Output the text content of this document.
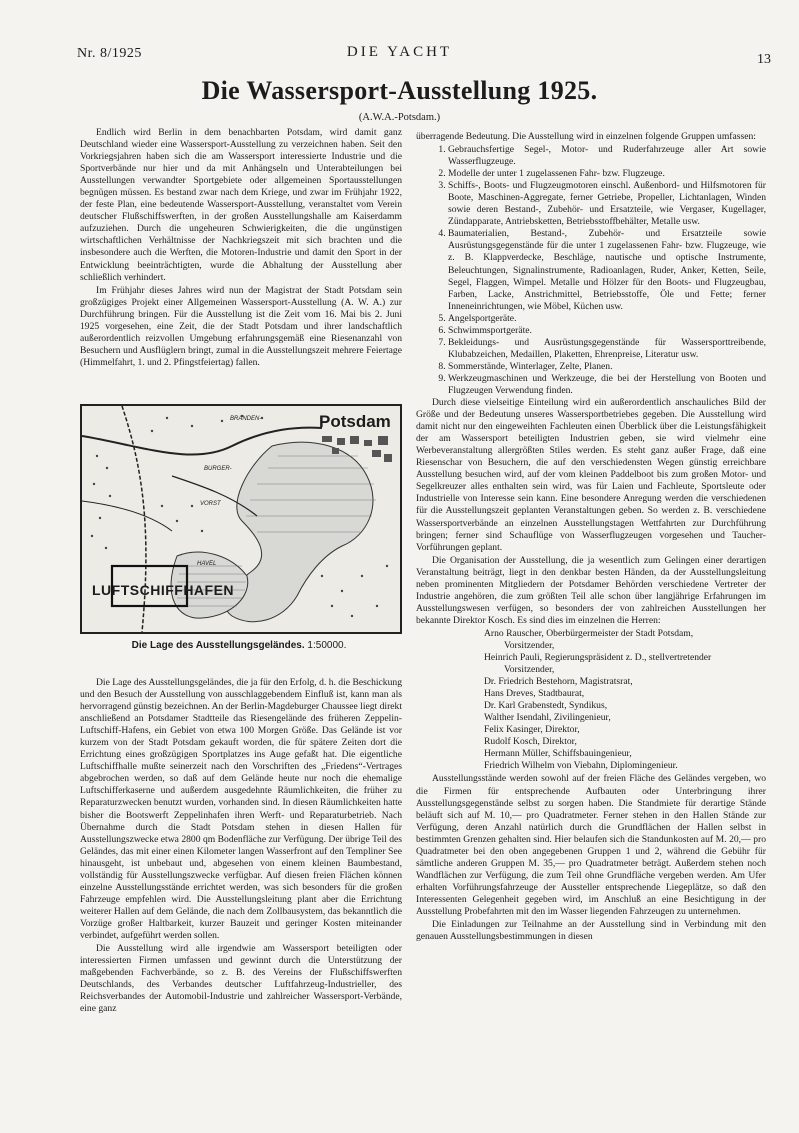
Nr. 8/1925	DIE YACHT	13
Die Wassersport-Ausstellung 1925.
(A.W.A.-Potsdam.)

Endlich wird Berlin in dem benachbarten Potsdam, wird damit ganz Deutschland wieder eine Wassersport-Ausstellung zu verzeichnen haben. Seit den Vorkriegsjahren haben sich die am Wassersport interessierte Industrie und die Sportverbände nur hier und da mit Anhängseln und Unterabteilungen bei Ausstellungen verwandter Sportgebiete oder allgemeinen Sportausstellungen begnügen müssen. Es bestand zwar nach dem Kriege, und zwar im Frühjahr 1922, der feste Plan, eine bedeutende Wassersport-Ausstellung, veranstaltet vom Verein deutscher Flußschiffswerften, in der großen Ausstellungshalle am Kaiserdamm aufzuziehen. Durch die ungeheuren Schwierigkeiten, die die ungünstigen wirtschaftlichen Verhältnisse der Nachkriegszeit mit sich brachten und die insbesondere auch die Werften, die Motoren-Industrie und damit den Sport in der Entwicklung beeinträchtigten, wurde die Abhaltung der Ausstellung aber schließlich verhindert.

Im Frühjahr dieses Jahres wird nun der Magistrat der Stadt Potsdam sein großzügiges Projekt einer Allgemeinen Wassersport-Ausstellung (A. W. A.) zur Durchführung bringen. Für die Ausstellung ist die Zeit vom 16. Mai bis 2. Juni 1925 vorgesehen, eine Zeit, die der Stadt Potsdam und ihrer landschaftlich außerordentlich reizvollen Umgebung erfahrungsgemäß eine Riesenanzahl von Besuchern und Ausflüglern bringt, zumal in die Ausstellungszeit mehrere Feiertage (Himmelfahrt, 1. und 2. Pfingstfeiertag) fallen.

Potsdam
LUFTSCHIFFHAFEN
BRANDEN-
BURGER-
VORST
HAVEL
Die Lage des Ausstellungsgeländes. 1:50000.

Die Lage des Ausstellungsgeländes, die ja für den Erfolg, d. h. die Beschickung und den Besuch der Ausstellung von ausschlaggebendem Einfluß ist, kann man als hervorragend günstig bezeichnen. An der Berlin-Magdeburger Chaussee liegt direkt anschließend an Potsdamer Stadtteile das Riesengelände des früheren Zeppelin-Luftschiff-Hafens, ein Gebiet von etwa 100 Morgen Größe. Das Gelände ist vor kurzem von der Stadt Potsdam gekauft worden, die für spätere Zeiten dort die Errichtung eines großzügigen Sportplatzes ins Auge gefaßt hat. Die eigentliche Luftschiffhalle mußte seinerzeit nach den Vorschriften des „Friedens“-Vertrages abgebrochen werden, so daß auf dem Gelände heute nur noch die ehemalige Luftschifferkaserne und außerdem ausgedehnte Räumlichkeiten, die früher zu Reparaturzwecken benutzt wurden, vorhanden sind. In diesen Räumlichkeiten hatte bisher die Bootswerft Zeppelinhafen ihren Werft- und Reparaturbetrieb. Nach Übernahme durch die Stadt Potsdam stehen in diesen Hallen für Ausstellungszwecke etwa 2800 qm Bodenfläche zur Verfügung. Der übrige Teil des Geländes, das mit einer einen Kilometer langen Wasserfront auf den Templiner See hinausgeht, ist unbebaut und, abgesehen von einem kleinen Baumbestand, vollständig für Ausstellungszwecke verfügbar. Auf diesen freien Flächen können einzelne Ausstellungsstände errichtet werden, was sich besonders für die großen Fahrzeuge empfehlen wird. Die Ausstellungsleitung plant aber die Errichtung weiterer Hallen auf dem Gelände, die nach dem Zollbausystem, das bekanntlich die Vorzüge großer Haltbarkeit, kurzer Bauzeit und geringer Kosten miteinander verbindet, aufgeführt werden sollen.

Die Ausstellung wird alle irgendwie am Wassersport beteiligten oder interessierten Firmen umfassen und gewinnt durch die Unterstützung der maßgebenden Fachverbände, so z. B. des Vereins der Flußschiffswerften Deutschlands, des Verbandes deutscher Luftfahrzeug-Industrieller, des Reichsverbandes der Automobil-Industrie und zahlreicher Wassersport-Verbände, eine ganz

überragende Bedeutung. Die Ausstellung wird in einzelnen folgende Gruppen umfassen:

1. Gebrauchsfertige Segel-, Motor- und Ruderfahrzeuge aller Art sowie Wasserflugzeuge.
2. Modelle der unter 1 zugelassenen Fahr- bzw. Flugzeuge.
3. Schiffs-, Boots- und Flugzeugmotoren einschl. Außenbord- und Hilfsmotoren für Boote, Maschinen-Aggregate, ferner Getriebe, Propeller, Lichtanlagen, Winden sowie deren Bestand-, Zubehör- und Ersatzteile, wie Vergaser, Kugellager, Zündapparate, Antriebsketten, Betriebsstoffbehälter, Metalle usw.
4. Baumaterialien, Bestand-, Zubehör- und Ersatzteile sowie Ausrüstungsgegenstände für die unter 1 zugelassenen Fahr- bzw. Flugzeuge, wie z. B. Klappverdecke, Beschläge, nautische und optische Instrumente, Beleuchtungen, Signalinstrumente, Radioanlagen, Ruder, Anker, Ketten, Seile, Segel, Flaggen, Wimpel. Metalle und Hölzer für den Boots- und Flugzeugbau, Farben, Lacke, Anstrichmittel, Betriebsstoffe, Öle und Fette; ferner Inneneinrichtungen, wie Möbel, Küchen usw.
5. Angelsportgeräte.
6. Schwimmsportgeräte.
7. Bekleidungs- und Ausrüstungsgegenstände für Wassersporttreibende, Klubabzeichen, Medaillen, Plaketten, Ehrenpreise, Literatur usw.
8. Sommerstände, Winterlager, Zelte, Planen.
9. Werkzeugmaschinen und Werkzeuge, die bei der Herstellung von Booten und Flugzeugen Verwendung finden.

Durch diese vielseitige Einteilung wird ein außerordentlich anschauliches Bild der Größe und der Bedeutung unseres Wassersportbetriebes gegeben. Die Ausstellung wird damit nicht nur den eingeweihten Fachleuten einen Überblick über die Leistungsfähigkeit der am Wassersport beteiligten Industrien geben, sie wird vielmehr eine Werbeveranstaltung allergrößten Stiles werden. Es steht ganz außer Frage, daß eine Riesenschar von Besuchern, die auf den verschiedensten Wegen günstig erreichbare Ausstellung besuchen wird, auf der vom kleinen Paddelboot bis zum großen Motor- und Segelkreuzer alles enthalten sein wird, was für Laien und Fachleute, Sportsleute oder Industrielle von Interesse sein kann. Eine besondere Anregung werden die verschiedenen für die Ausstellungszeit geplanten Veranstaltungen geben. So werden z. B. verschiedene Wassersportverbände an einzelnen Ausstellungstagen Wettfahrten zur Durchführung bringen; ferner sind Schauflüge von Wasserflugzeugen vorgesehen und Taucher-Vorführungen geplant.

Die Organisation der Ausstellung, die ja wesentlich zum Gelingen einer derartigen Veranstaltung beiträgt, liegt in den denkbar besten Händen, da der Ausstellungsleitung neben prominenten Mitgliedern der Potsdamer Behörden verschiedene Vertreter der Industrie angehören, die zum größten Teil alle schon über langjährige Erfahrungen im Ausstellungswesen verfügen, so besonders der von zahlreichen Ausstellungen her bekannte Direktor Kosch. Es sind dies im einzelnen die Herren:

Arno Rauscher, Oberbürgermeister der Stadt Potsdam,
Vorsitzender,
Heinrich Pauli, Regierungspräsident z. D., stellvertretender
Vorsitzender,
Dr. Friedrich Bestehorn, Magistratsrat,
Hans Dreves, Stadtbaurat,
Dr. Karl Grabenstedt, Syndikus,
Walther Isendahl, Zivilingenieur,
Felix Kasinger, Direktor,
Rudolf Kosch, Direktor,
Hermann Müller, Schiffsbauingenieur,
Friedrich Wilhelm von Viebahn, Diplomingenieur.

Ausstellungsstände werden sowohl auf der freien Fläche des Geländes vergeben, wo die Firmen für entsprechende Aufbauten oder Unterbringung ihrer Ausstellungsgegenstände selbst zu sorgen haben. Die Standmiete für derartige Stände beläuft sich auf M. 10,— pro Quadratmeter. Ferner stehen in den Hallen Stände zur Verfügung, deren Anzahl natürlich durch die Grundflächen der Hallen selbst in bestimmten Grenzen gehalten sind. Hier belaufen sich die Standunkosten auf M. 20,— pro Quadratmeter bei den oben angegebenen Gruppen 1 und 2, während die Gebühr für sämtliche anderen Gruppen M. 35,— pro Quadratmeter beträgt. Außerdem stehen noch Wandflächen zur Verfügung, die zum Teil ohne Grundfläche vergeben werden. Am Ufer erhalten Vorführungsfahrzeuge der Aussteller entsprechende Liegeplätze, so daß den Interessenten Gelegenheit gegeben wird, im Anschluß an eine Besichtigung in der Ausstellung Probefahrten mit den im Wasser liegenden Fahrzeugen zu unternehmen.

Die Einladungen zur Teilnahme an der Ausstellung sind in Verbindung mit den genauen Ausstellungsbestimmungen in diesen
